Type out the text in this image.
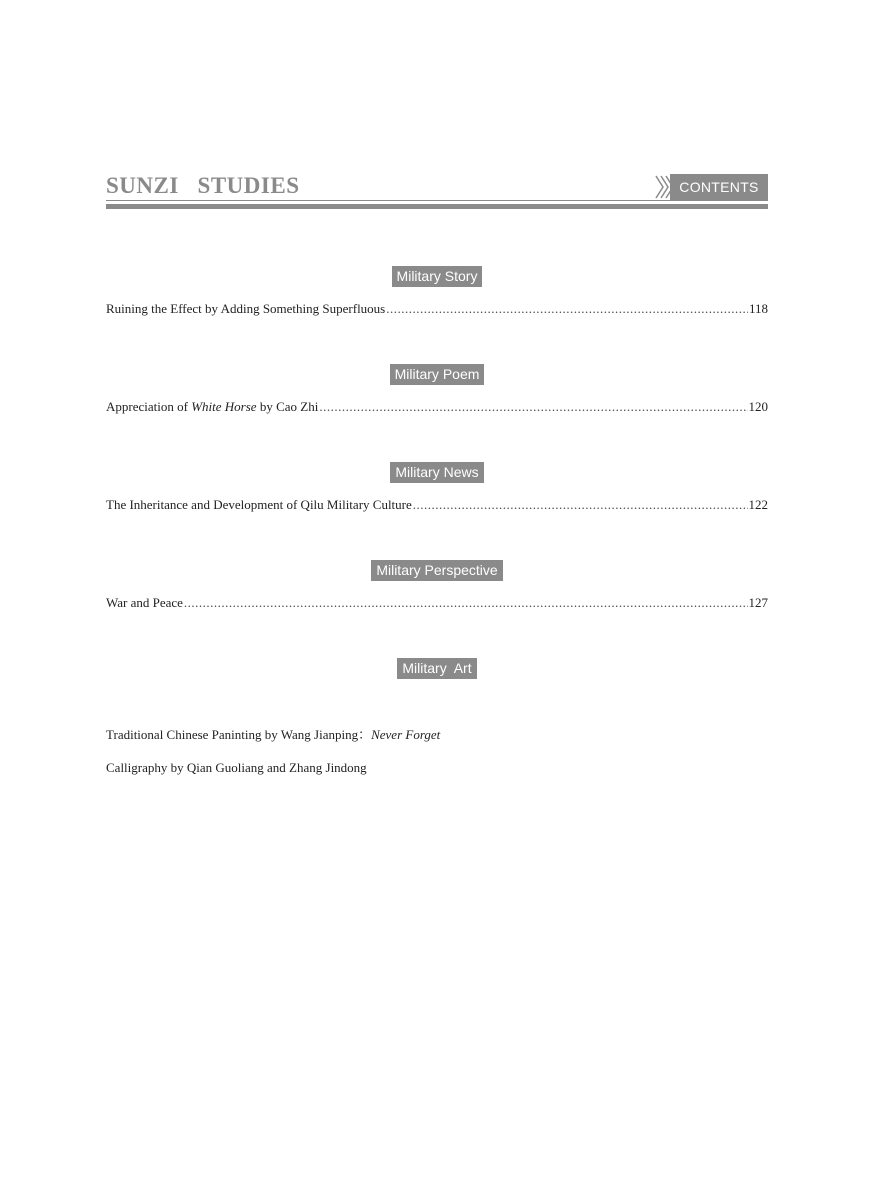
SUNZI   STUDIES	CONTENTS
Military Story
Ruining the Effect by Adding Something Superfluous .....	118
Military Poem
Appreciation of White Horse by Cao Zhi .....	120
Military News
The Inheritance and Development of Qilu Military Culture .....	122
Military Perspective
War and Peace .....	127
Military  Art
Traditional Chinese Paninting by Wang Jianping：Never Forget
Calligraphy by Qian Guoliang and Zhang Jindong
